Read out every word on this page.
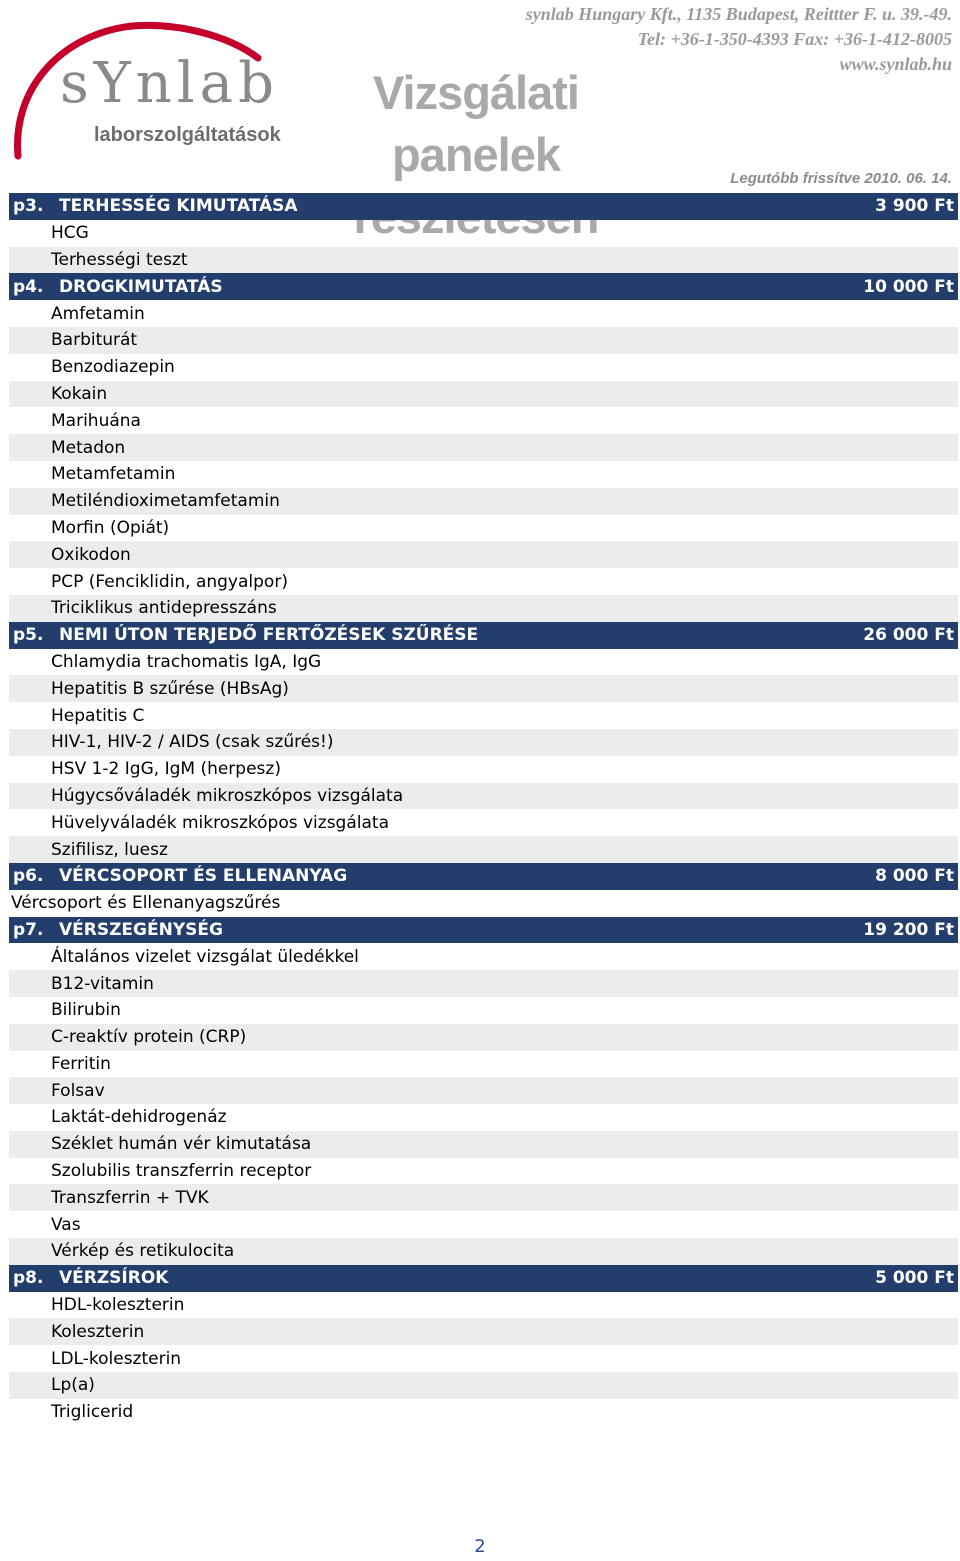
sYnlab
laborszolgáltatások
Vizsgálati panelek
synlab Hungary Kft., 1135 Budapest, Reittter F. u. 39.-49.
Tel: +36-1-350-4393 Fax: +36-1-412-8005
www.synlab.hu
Legutóbb frissítve 2010. 06. 14.
p3. TERHESSÉG KIMUTATÁSA	3 900 Ft
HCG
Terhességi teszt
p4. DROGKIMUTATÁS	10 000 Ft
Amfetamin
Barbiturát
Benzodiazepin
Kokain
Marihuána
Metadon
Metamfetamin
Metiléndioximetamfetamin
Morfin (Opiát)
Oxikodon
PCP (Fenciklidin, angyalpor)
Triciklikus antidepresszáns
p5. NEMI ÚTON TERJEDŐ FERTŐZÉSEK SZŰRÉSE	26 000 Ft
Chlamydia trachomatis IgA, IgG
Hepatitis B szűrése (HBsAg)
Hepatitis C
HIV-1, HIV-2 / AIDS (csak szűrés!)
HSV 1-2 IgG, IgM (herpesz)
Húgycsőváladék mikroszkópos vizsgálata
Hüvelyváladék mikroszkópos vizsgálata
Szifilisz, luesz
p6. VÉRCSOPORT ÉS ELLENANYAG	8 000 Ft
Vércsoport és Ellenanyagszűrés
p7. VÉRSZEGÉNYSÉG	19 200 Ft
Általános vizelet vizsgálat üledékkel
B12-vitamin
Bilirubin
C-reaktív protein (CRP)
Ferritin
Folsav
Laktát-dehidrogenáz
Széklet humán vér kimutatása
Szolubilis transzferrin receptor
Transzferrin + TVK
Vas
Vérkép és retikulocita
p8. VÉRZSÍROK	5 000 Ft
HDL-koleszterin
Koleszterin
LDL-koleszterin
Lp(a)
Triglicerid
2
